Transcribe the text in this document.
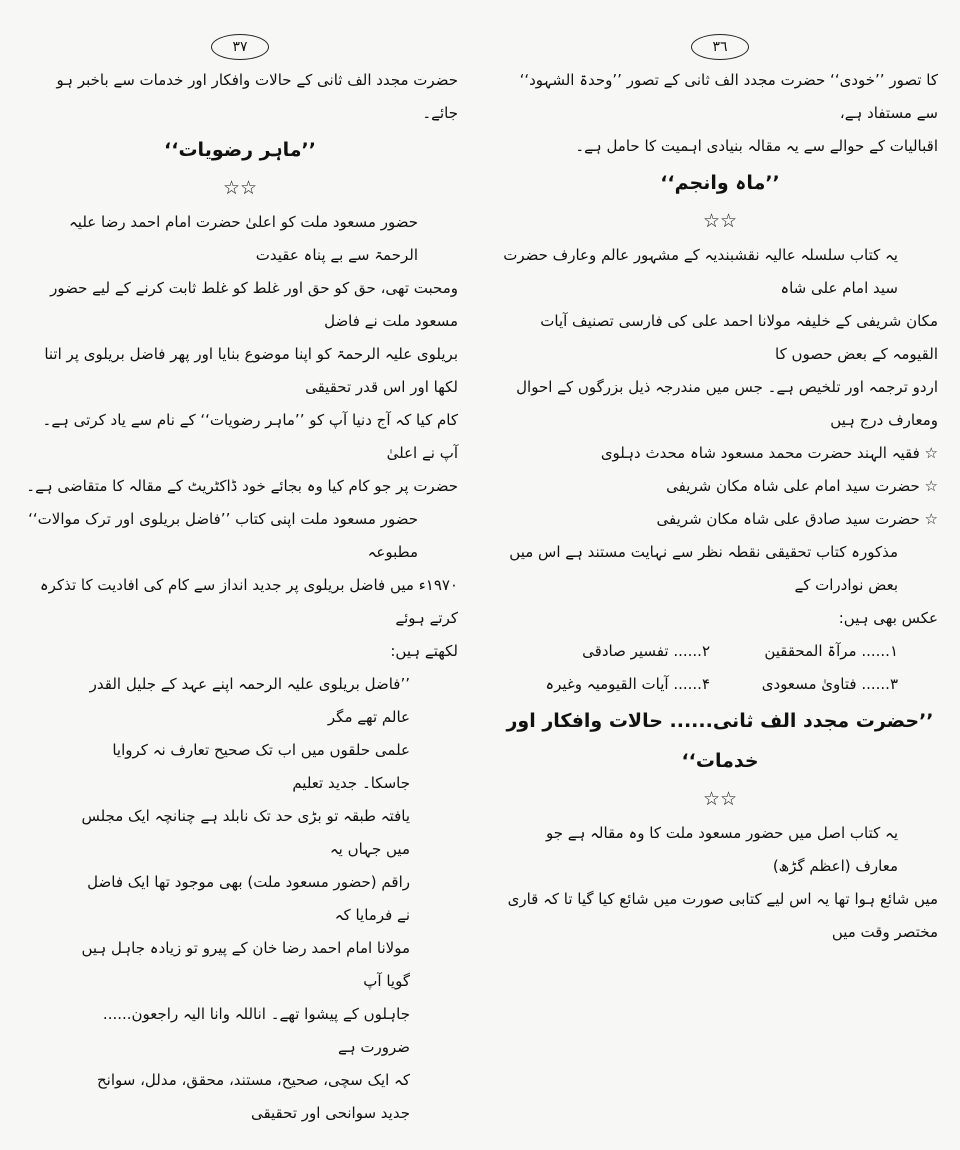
۳۷
حضرت مجدد الف ثانی کے حالات وافکار اور خدمات سے باخبر ہو جائے۔
’’ماہر رضویات‘‘
☆☆
حضور مسعود ملت کو اعلیٰ حضرت امام احمد رضا علیہ الرحمۃ سے بے پناہ عقیدت
ومحبت تھی، حق کو حق اور غلط کو غلط ثابت کرنے کے لیے حضور مسعود ملت نے فاضل
بریلوی علیہ الرحمۃ کو اپنا موضوع بنایا اور پھر فاضل بریلوی پر اتنا لکھا اور اس قدر تحقیقی
کام کیا کہ آج دنیا آپ کو ’’ماہر رضویات‘‘ کے نام سے یاد کرتی ہے۔ آپ نے اعلیٰ
حضرت پر جو کام کیا وہ بجائے خود ڈاکٹریٹ کے مقالہ کا متقاضی ہے۔
حضور مسعود ملت اپنی کتاب ’’فاضل بریلوی اور ترک موالات‘‘ مطبوعہ
۱۹۷۰ء میں فاضل بریلوی پر جدید انداز سے کام کی افادیت کا تذکرہ کرتے ہوئے
لکھتے ہیں:
’’فاضل بریلوی علیہ الرحمہ اپنے عہد کے جلیل القدر عالم تھے مگر
علمی حلقوں میں اب تک صحیح تعارف نہ کروایا جاسکا۔ جدید تعلیم
یافتہ طبقہ تو بڑی حد تک نابلد ہے چنانچہ ایک مجلس میں جہاں یہ
راقم (حضور مسعود ملت) بھی موجود تھا ایک فاضل نے فرمایا کہ
مولانا امام احمد رضا خان کے پیرو تو زیادہ جاہل ہیں گویا آپ
جاہلوں کے پیشوا تھے۔ اناللہ وانا الیہ راجعون...... ضرورت ہے
کہ ایک سچی، صحیح، مستند، محقق، مدلل، سوانح جدید سوانحی اور تحقیقی
۳٦
کا تصور ’’خودی‘‘ حضرت مجدد الف ثانی کے تصور ’’وحدۃ الشہود‘‘ سے مستفاد ہے،
اقبالیات کے حوالے سے یہ مقالہ بنیادی اہمیت کا حامل ہے۔
’’ماہ وانجم‘‘
☆☆
یہ کتاب سلسلہ عالیہ نقشبندیہ کے مشہور عالم وعارف حضرت سید امام علی شاہ
مکان شریفی کے خلیفہ مولانا احمد علی کی فارسی تصنیف آیات القیومہ کے بعض حصوں کا
اردو ترجمہ اور تلخیص ہے۔ جس میں مندرجہ ذیل بزرگوں کے احوال ومعارف درج ہیں
☆ فقیہ الہند حضرت محمد مسعود شاہ محدث دہلوی
☆ حضرت سید امام علی شاہ مکان شریفی
☆ حضرت سید صادق علی شاہ مکان شریفی
مذکورہ کتاب تحقیقی نقطہ نظر سے نہایت مستند ہے اس میں بعض نوادرات کے
عکس بھی ہیں:
۱...... مرآۃ المحققین
۲...... تفسیر صادقی
۳...... فتاویٰ مسعودی
۴...... آیات القیومیہ وغیرہ
’’حضرت مجدد الف ثانی...... حالات وافکار اور خدمات‘‘
☆☆
یہ کتاب اصل میں حضور مسعود ملت کا وہ مقالہ ہے جو معارف (اعظم گڑھ)
میں شائع ہوا تھا یہ اس لیے کتابی صورت میں شائع کیا گیا تا کہ قاری مختصر وقت میں
